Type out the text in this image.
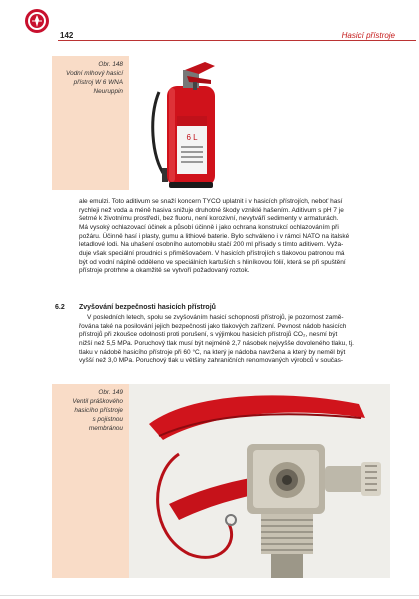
142	Hasicí přístroje
Obr. 148
Vodní mlhový hasicí
přístroj W 6 WNA
Neuruppin
6 L
ale emulzi. Toto aditivum se snaží koncern TYCO uplatnit i v hasicích přístrojích, neboť hasí
rychleji než voda a méně hasiva snižuje druhotné škody vzniklé hašením. Aditivum s pH 7 je
šetrné k životnímu prostředí, bez fluoru, není korozivní, nevytváří sedimenty v armaturách.
Má vysoký ochlazovací účinek a působí účinně i jako ochrana konstrukcí ochlazováním při
požáru. Účinně hasí i plasty, gumu a lithiové baterie. Bylo schváleno i v rámci NATO na italské
letadlové lodi. Na uhašení osobního automobilu stačí 200 ml přísady s tímto aditivem. Vyža-
duje však speciální proudnici s přiměšovačem. V hasicích přístrojích s tlakovou patronou má
být od vodní náplně odděleno ve speciálních kartuších s hliníkovou fólií, která se při spuštění
přístroje protrhne a okamžitě se vytvoří požadovaný roztok.
6.2 Zvyšování bezpečnosti hasicích přístrojů
V posledních letech, spolu se zvyšováním hasicí schopnosti přístrojů, je pozornost zamě-
řována také na posilování jejich bezpečnosti jako tlakových zařízení. Pevnost nádob hasicích
přístrojů při zkoušce odolnosti proti porušení, s výjimkou hasicích přístrojů CO₂, nesmí být
nižší než 5,5 MPa. Poruchový tlak musí být nejméně 2,7 násobek nejvyšše dovoleného tlaku, tj.
tlaku v nádobě hasicího přístroje při 60 °C, na který je nádoba navržena a který by neměl být
vyšší než 3,0 MPa. Poruchový tlak u většiny zahraničních renomovaných výrobců v součas-
Obr. 149
Ventil práškového
hasicího přístroje
s pojistnou
membránou
